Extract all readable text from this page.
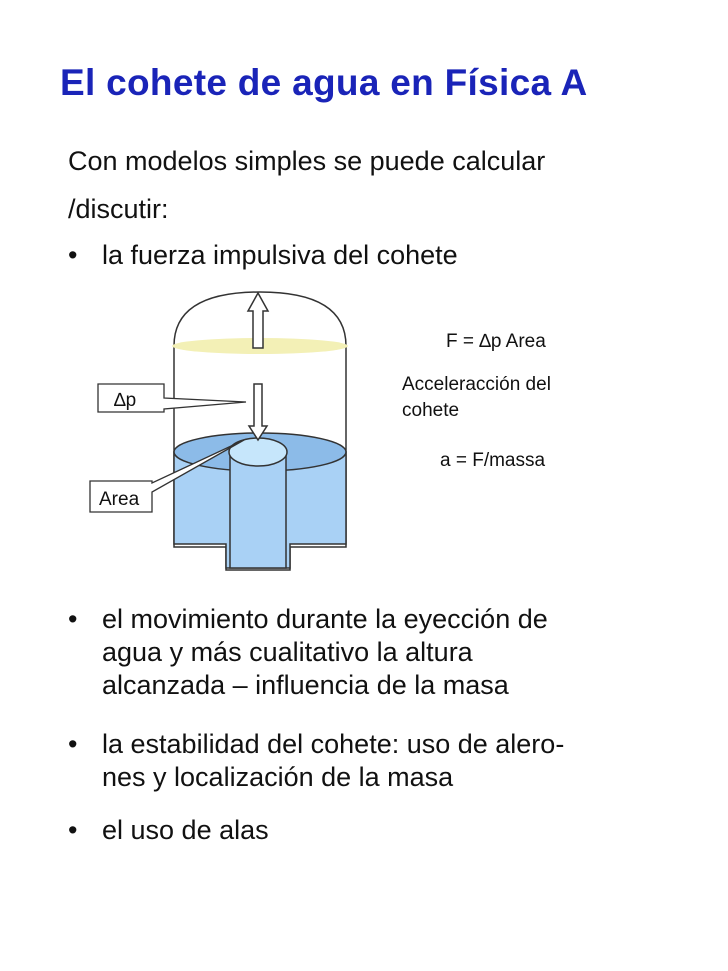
El cohete de agua en Física A
Con modelos simples se puede calcular
/discutir:
• la fuerza impulsiva del cohete
∆p
Area
F = ∆p Area
Acceleracción del
cohete
a = F/massa
• el movimiento durante la eyección de
agua y más cualitativo la altura
alcanzada – influencia de la masa
• la estabilidad del cohete: uso de alero-
nes y localización de la masa
• el uso de alas
